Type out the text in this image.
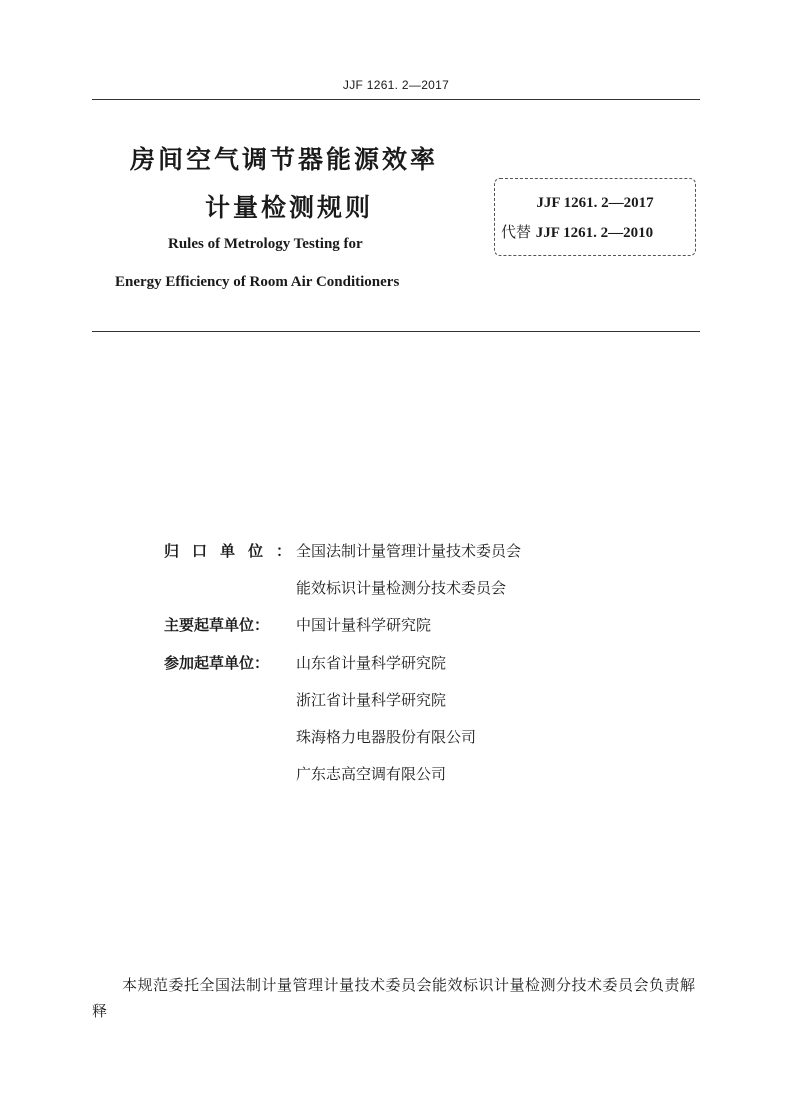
JJF 1261. 2—2017
房间空气调节器能源效率
计量检测规则
Rules of Metrology Testing for
Energy Efficiency of Room Air Conditioners
JJF 1261. 2—2017
代替 JJF 1261. 2—2010
归口单位：全国法制计量管理计量技术委员会
能效标识计量检测分技术委员会
主要起草单位： 中国计量科学研究院
参加起草单位： 山东省计量科学研究院
浙江省计量科学研究院
珠海格力电器股份有限公司
广东志高空调有限公司
本规范委托全国法制计量管理计量技术委员会能效标识计量检测分技术委员会负责解释
